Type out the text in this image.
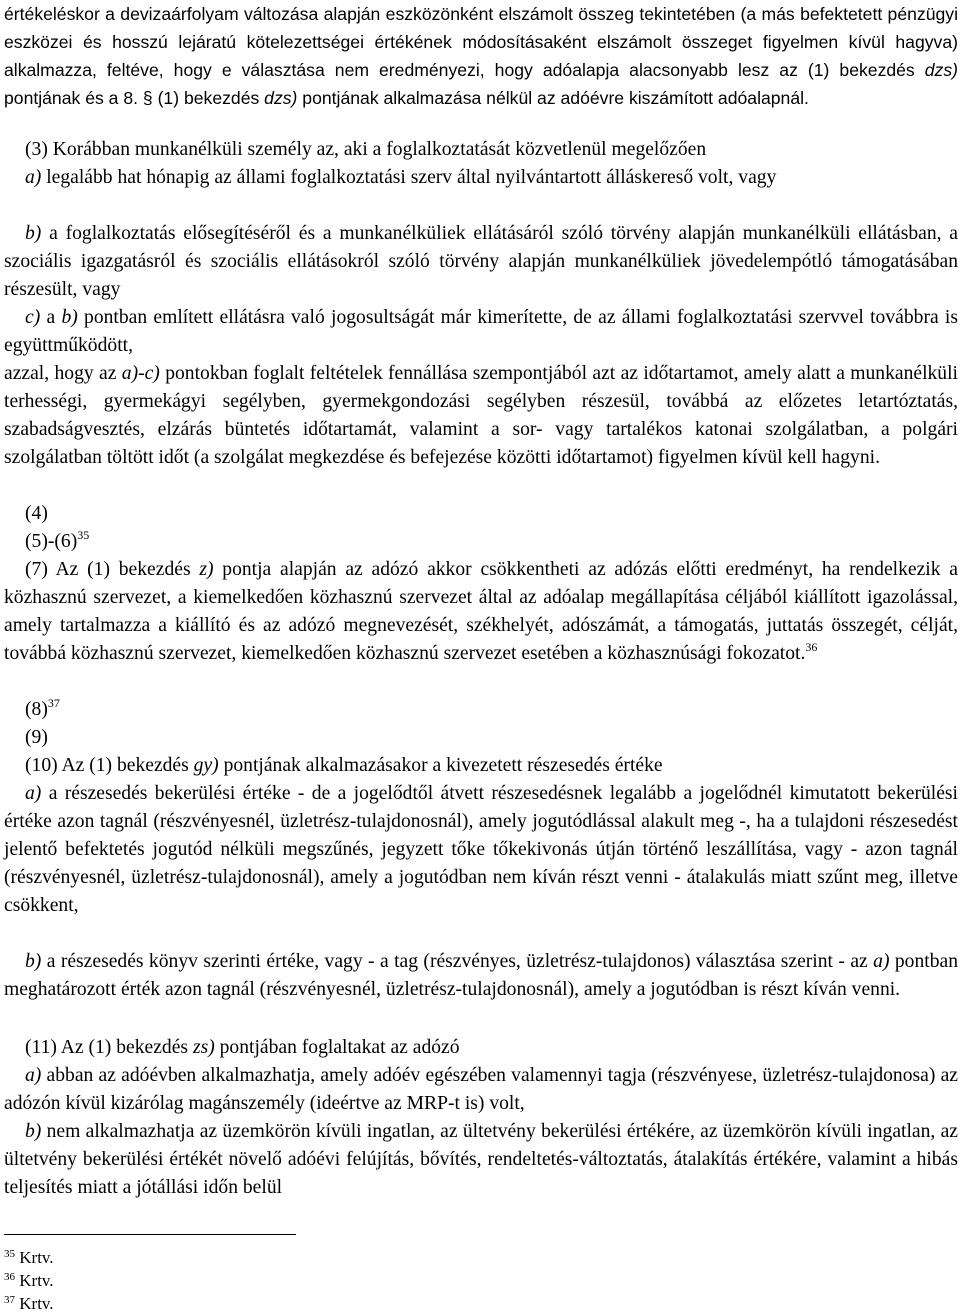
értékeléskor a devizaárfolyam változása alapján eszközönként elszámolt összeg tekintetében (a más befektetett pénzügyi eszközei és hosszú lejáratú kötelezettségei értékének módosításaként elszámolt összeget figyelmen kívül hagyva) alkalmazza, feltéve, hogy e választása nem eredményezi, hogy adóalapja alacsonyabb lesz az (1) bekezdés dzs) pontjának és a 8. § (1) bekezdés dzs) pontjának alkalmazása nélkül az adóévre kiszámított adóalapnál.

(3) Korábban munkanélküli személy az, aki a foglalkoztatását közvetlenül megelőzően

a) legalább hat hónapig az állami foglalkoztatási szerv által nyilvántartott álláskereső volt, vagy

b) a foglalkoztatás elősegítéséről és a munkanélküliek ellátásáról szóló törvény alapján munkanélküli ellátásban, a szociális igazgatásról és szociális ellátásokról szóló törvény alapján munkanélküliek jövedelempótló támogatásában részesült, vagy

c) a b) pontban említett ellátásra való jogosultságát már kimerítette, de az állami foglalkoztatási szervvel továbbra is együttműködött,

azzal, hogy az a)-c) pontokban foglalt feltételek fennállása szempontjából azt az időtartamot, amely alatt a munkanélküli terhességi, gyermekágyi segélyben, gyermekgondozási segélyben részesül, továbbá az előzetes letartóztatás, szabadságvesztés, elzárás büntetés időtartamát, valamint a sor- vagy tartalékos katonai szolgálatban, a polgári szolgálatban töltött időt (a szolgálat megkezdése és befejezése közötti időtartamot) figyelmen kívül kell hagyni.

(4)

$(5)-(6)^{35}$

(7) Az (1) bekezdés z) pontja alapján az adózó akkor csökkentheti az adózás előtti eredményt, ha rendelkezik a közhasznú szervezet, a kiemelkedően közhasznú szervezet által az adóalap megállapítása céljából kiállított igazolással, amely tartalmazza a kiállító és az adózó megnevezését, székhelyét, adószámát, a támogatás, juttatás összegét, célját, továbbá közhasznú szervezet, kiemelkedően közhasznú szervezet esetében a közhasznúsági fokozatot.$^{36}$

$(8)^{37}$

(9)

(10) Az (1) bekezdés gy) pontjának alkalmazásakor a kivezetett részesedés értéke

a) a részesedés bekerülési értéke - de a jogelődtől átvett részesedésnek legalább a jogelődnél kimutatott bekerülési értéke azon tagnál (részvényesnél, üzletrész-tulajdonosnál), amely jogutódlással alakult meg -, ha a tulajdoni részesedést jelentő befektetés jogutód nélküli megszűnés, jegyzett tőke tőkekivonás útján történő leszállítása, vagy - azon tagnál (részvényesnél, üzletrész-tulajdonosnál), amely a jogutódban nem kíván részt venni - átalakulás miatt szűnt meg, illetve csökkent,

b) a részesedés könyv szerinti értéke, vagy - a tag (részvényes, üzletrész-tulajdonos) választása szerint - az a) pontban meghatározott érték azon tagnál (részvényesnél, üzletrész-tulajdonosnál), amely a jogutódban is részt kíván venni.

(11) Az (1) bekezdés zs) pontjában foglaltakat az adózó

a) abban az adóévben alkalmazhatja, amely adóév egészében valamennyi tagja (részvényese, üzletrész-tulajdonosa) az adózón kívül kizárólag magánszemély (ideértve az MRP-t is) volt,

b) nem alkalmazhatja az üzemkörön kívüli ingatlan, az ültetvény bekerülési értékére, az üzemkörön kívüli ingatlan, az ültetvény bekerülési értékét növelő adóévi felújítás, bővítés, rendeltetés-változtatás, átalakítás értékére, valamint a hibás teljesítés miatt a jótállási időn belül

$^{35}$ Krtv.
$^{36}$ Krtv.
$^{37}$ Krtv.
